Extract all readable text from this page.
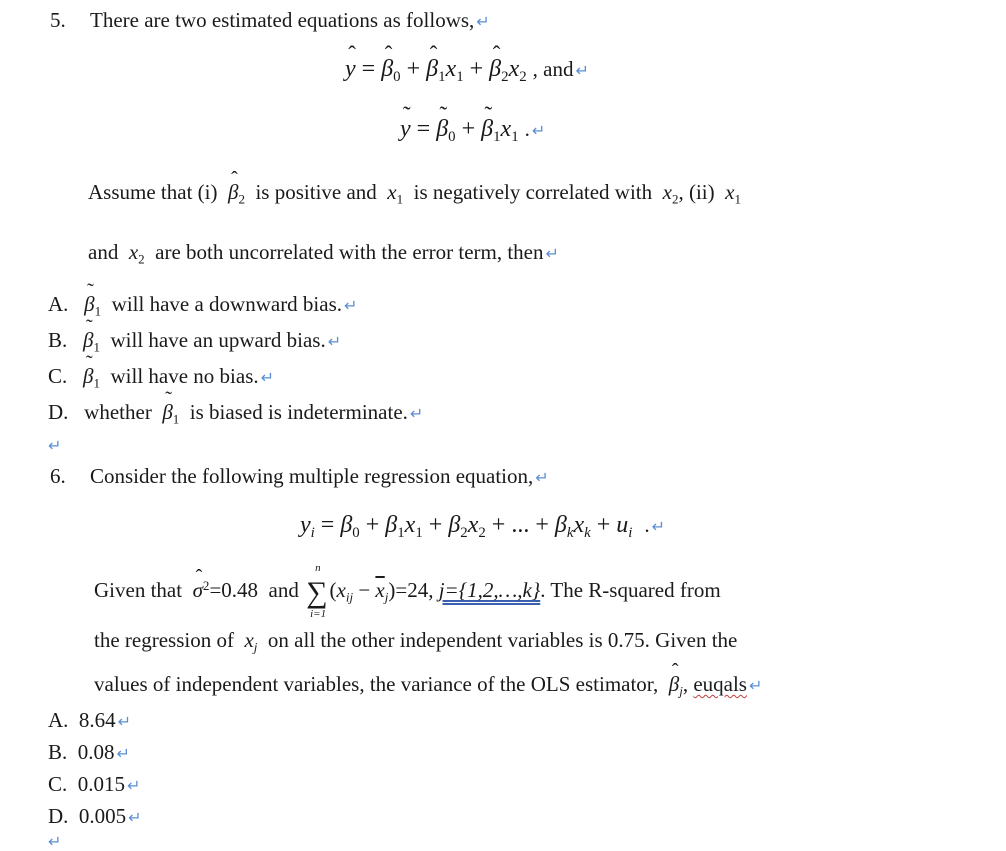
5. There are two estimated equations as follows, ↵
ˆ y = ˆ $\beta_0$ + ˆ $\beta_1x_1$ + ˆ $\beta_2x_2$ , and ↵
˜ y = ˜ $\beta_0$ + ˜ $\beta_1x_1$ . ↵
Assume that (i) ˆ $\beta_2$ is positive and $x_1$ is negatively correlated with $x_2$, (ii) $x_1$
and $x_2$ are both uncorrelated with the error term, then ↵
A. ˜ $\beta_1$ will have a downward bias. ↵
B. ˜ $\beta_1$ will have an upward bias. ↵
C. ˜ $\beta_1$ will have no bias. ↵
D. whether ˜ $\beta_1$ is biased is indeterminate. ↵
↵
6. Consider the following multiple regression equation, ↵
$y_i = \beta_0 + \beta_1x_1 + \beta_2x_2$ + ... + $\beta_kx_k + u_i$ . ↵
Given that ˆ $\sigma^2=0.48$ and ∑
n
i=1
$(x_{ij} - \overline{x}_j)=24$, j={1,2,…,k}. The R-squared from
the regression of $x_j$ on all the other independent variables is 0.75. Given the
values of independent variables, the variance of the OLS estimator, ˆ $\beta_j$, euqals ↵
A. 8.64 ↵
B. 0.08 ↵
C. 0.015 ↵
D. 0.005 ↵
↵
